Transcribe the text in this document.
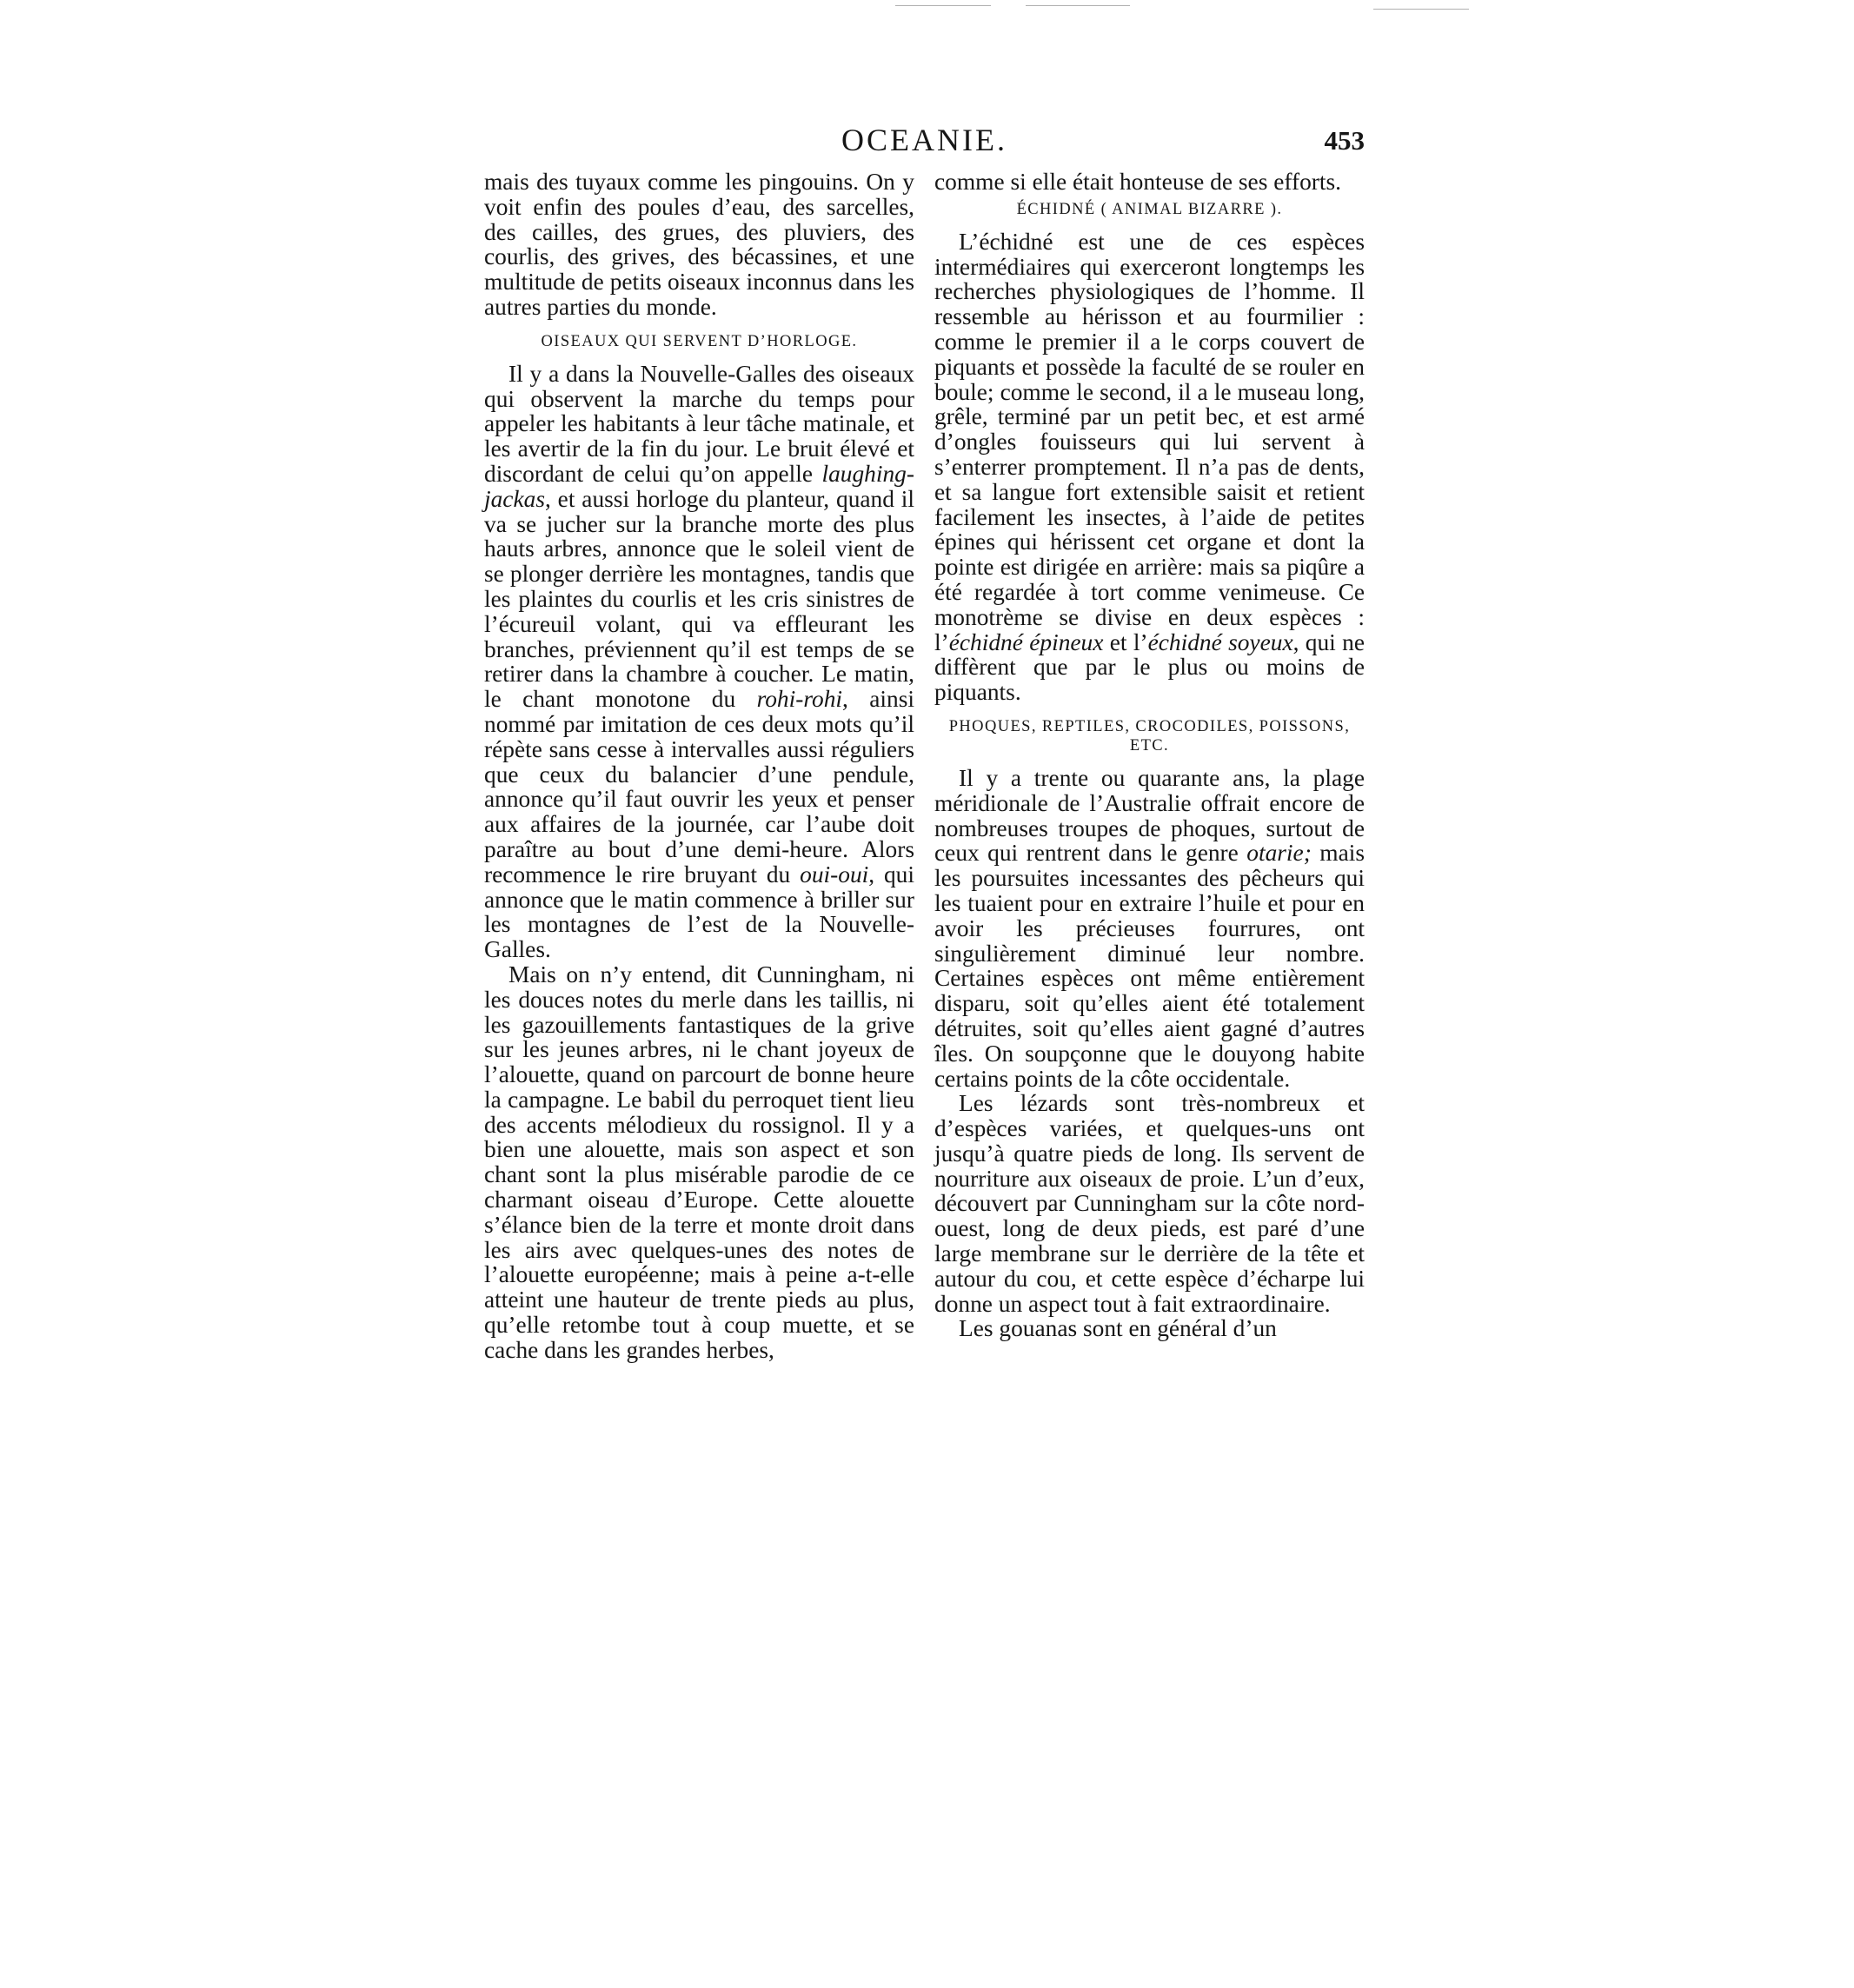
OCEANIE.	453

mais des tuyaux comme les pingouins. On y voit enfin des poules d’eau, des sarcelles, des cailles, des grues, des pluviers, des courlis, des grives, des bécassines, et une multitude de petits oiseaux inconnus dans les autres parties du monde.

OISEAUX QUI SERVENT D’HORLOGE.

Il y a dans la Nouvelle-Galles des oiseaux qui observent la marche du temps pour appeler les habitants à leur tâche matinale, et les avertir de la fin du jour. Le bruit élevé et discordant de celui qu’on appelle laughing-jackas, et aussi horloge du planteur, quand il va se jucher sur la branche morte des plus hauts arbres, annonce que le soleil vient de se plonger derrière les montagnes, tandis que les plaintes du courlis et les cris sinistres de l’écureuil volant, qui va effleurant les branches, préviennent qu’il est temps de se retirer dans la chambre à coucher. Le matin, le chant monotone du rohi-rohi, ainsi nommé par imitation de ces deux mots qu’il répète sans cesse à intervalles aussi réguliers que ceux du balancier d’une pendule, annonce qu’il faut ouvrir les yeux et penser aux affaires de la journée, car l’aube doit paraître au bout d’une demi-heure. Alors recommence le rire bruyant du oui-oui, qui annonce que le matin commence à briller sur les montagnes de l’est de la Nouvelle-Galles.

Mais on n’y entend, dit Cunningham, ni les douces notes du merle dans les taillis, ni les gazouillements fantastiques de la grive sur les jeunes arbres, ni le chant joyeux de l’alouette, quand on parcourt de bonne heure la campagne. Le babil du perroquet tient lieu des accents mélodieux du rossignol. Il y a bien une alouette, mais son aspect et son chant sont la plus misérable parodie de ce charmant oiseau d’Europe. Cette alouette s’élance bien de la terre et monte droit dans les airs avec quelques-unes des notes de l’alouette européenne; mais à peine a-t-elle atteint une hauteur de trente pieds au plus, qu’elle retombe tout à coup muette, et se cache dans les grandes herbes,

comme si elle était honteuse de ses efforts.

ÉCHIDNÉ ( ANIMAL BIZARRE ).

L’échidné est une de ces espèces intermédiaires qui exerceront longtemps les recherches physiologiques de l’homme. Il ressemble au hérisson et au fourmilier : comme le premier il a le corps couvert de piquants et possède la faculté de se rouler en boule; comme le second, il a le museau long, grêle, terminé par un petit bec, et est armé d’ongles fouisseurs qui lui servent à s’enterrer promptement. Il n’a pas de dents, et sa langue fort extensible saisit et retient facilement les insectes, à l’aide de petites épines qui hérissent cet organe et dont la pointe est dirigée en arrière: mais sa piqûre a été regardée à tort comme venimeuse. Ce monotrème se divise en deux espèces : l’échidné épineux et l’échidné soyeux, qui ne diffèrent que par le plus ou moins de piquants.

PHOQUES, REPTILES, CROCODILES, POISSONS, ETC.

Il y a trente ou quarante ans, la plage méridionale de l’Australie offrait encore de nombreuses troupes de phoques, surtout de ceux qui rentrent dans le genre otarie; mais les poursuites incessantes des pêcheurs qui les tuaient pour en extraire l’huile et pour en avoir les précieuses fourrures, ont singulièrement diminué leur nombre. Certaines espèces ont même entièrement disparu, soit qu’elles aient été totalement détruites, soit qu’elles aient gagné d’autres îles. On soupçonne que le douyong habite certains points de la côte occidentale.

Les lézards sont très-nombreux et d’espèces variées, et quelques-uns ont jusqu’à quatre pieds de long. Ils servent de nourriture aux oiseaux de proie. L’un d’eux, découvert par Cunningham sur la côte nord-ouest, long de deux pieds, est paré d’une large membrane sur le derrière de la tête et autour du cou, et cette espèce d’écharpe lui donne un aspect tout à fait extraordinaire.

Les gouanas sont en général d’un
